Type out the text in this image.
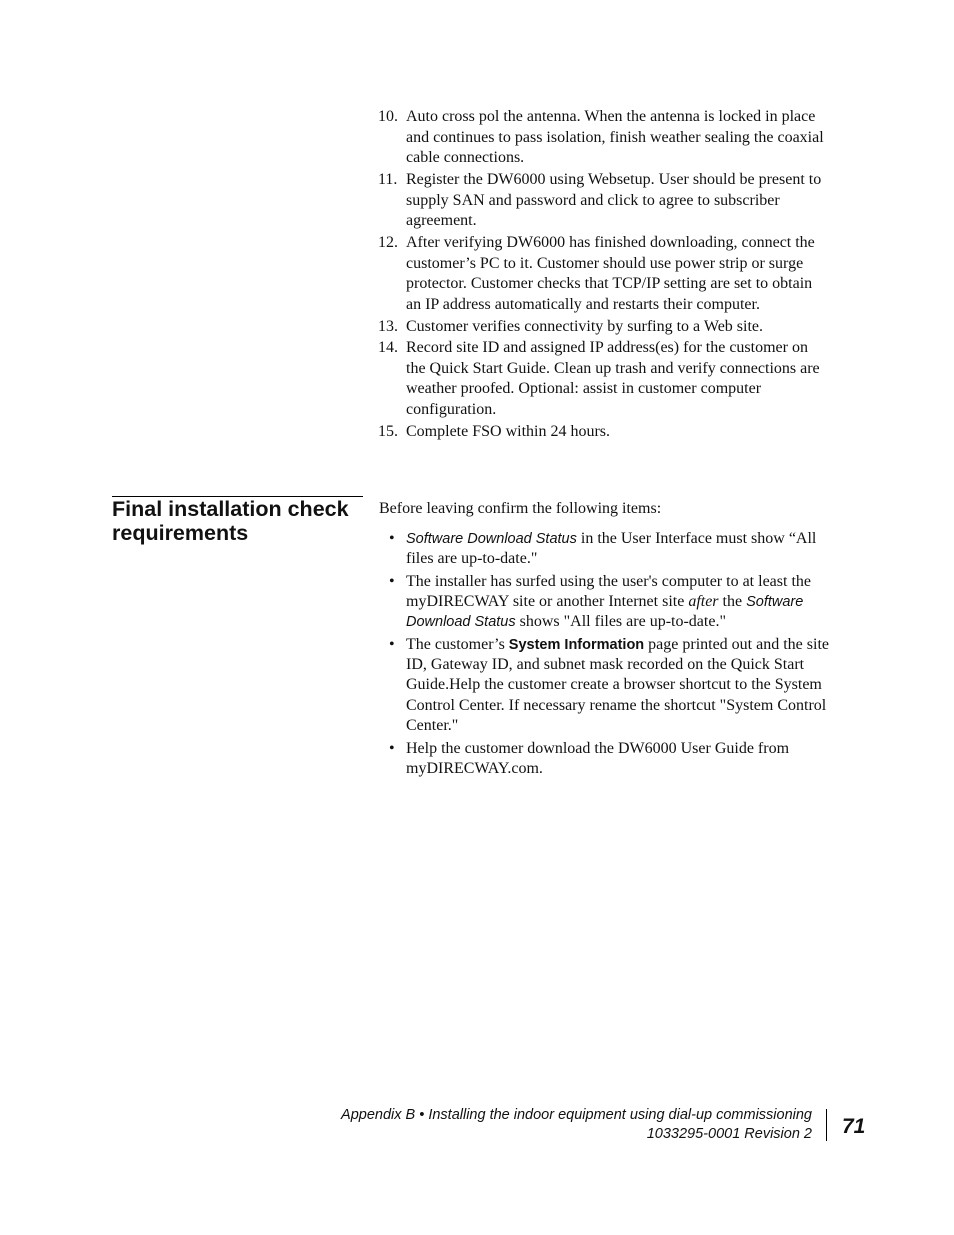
10. Auto cross pol the antenna. When the antenna is locked in place and continues to pass isolation, finish weather sealing the coaxial cable connections.
11. Register the DW6000 using Websetup. User should be present to supply SAN and password and click to agree to subscriber agreement.
12. After verifying DW6000 has finished downloading, connect the customer’s PC to it. Customer should use power strip or surge protector. Customer checks that TCP/IP setting are set to obtain an IP address automatically and restarts their computer.
13. Customer verifies connectivity by surfing to a Web site.
14. Record site ID and assigned IP address(es) for the customer on the Quick Start Guide. Clean up trash and verify connections are weather proofed. Optional: assist in customer computer configuration.
15. Complete FSO within 24 hours.
Final installation check requirements

Before leaving confirm the following items:

• Software Download Status in the User Interface must show “All files are up-to-date."
• The installer has surfed using the user's computer to at least the myDIRECWAY site or another Internet site after the Software Download Status shows "All files are up-to-date."
• The customer’s System Information page printed out and the site ID, Gateway ID, and subnet mask recorded on the Quick Start Guide.Help the customer create a browser shortcut to the System Control Center. If necessary rename the shortcut "System Control Center."
• Help the customer download the DW6000 User Guide from myDIRECWAY.com.
Appendix B • Installing the indoor equipment using dial-up commissioning
1033295-0001 Revision 2 71
